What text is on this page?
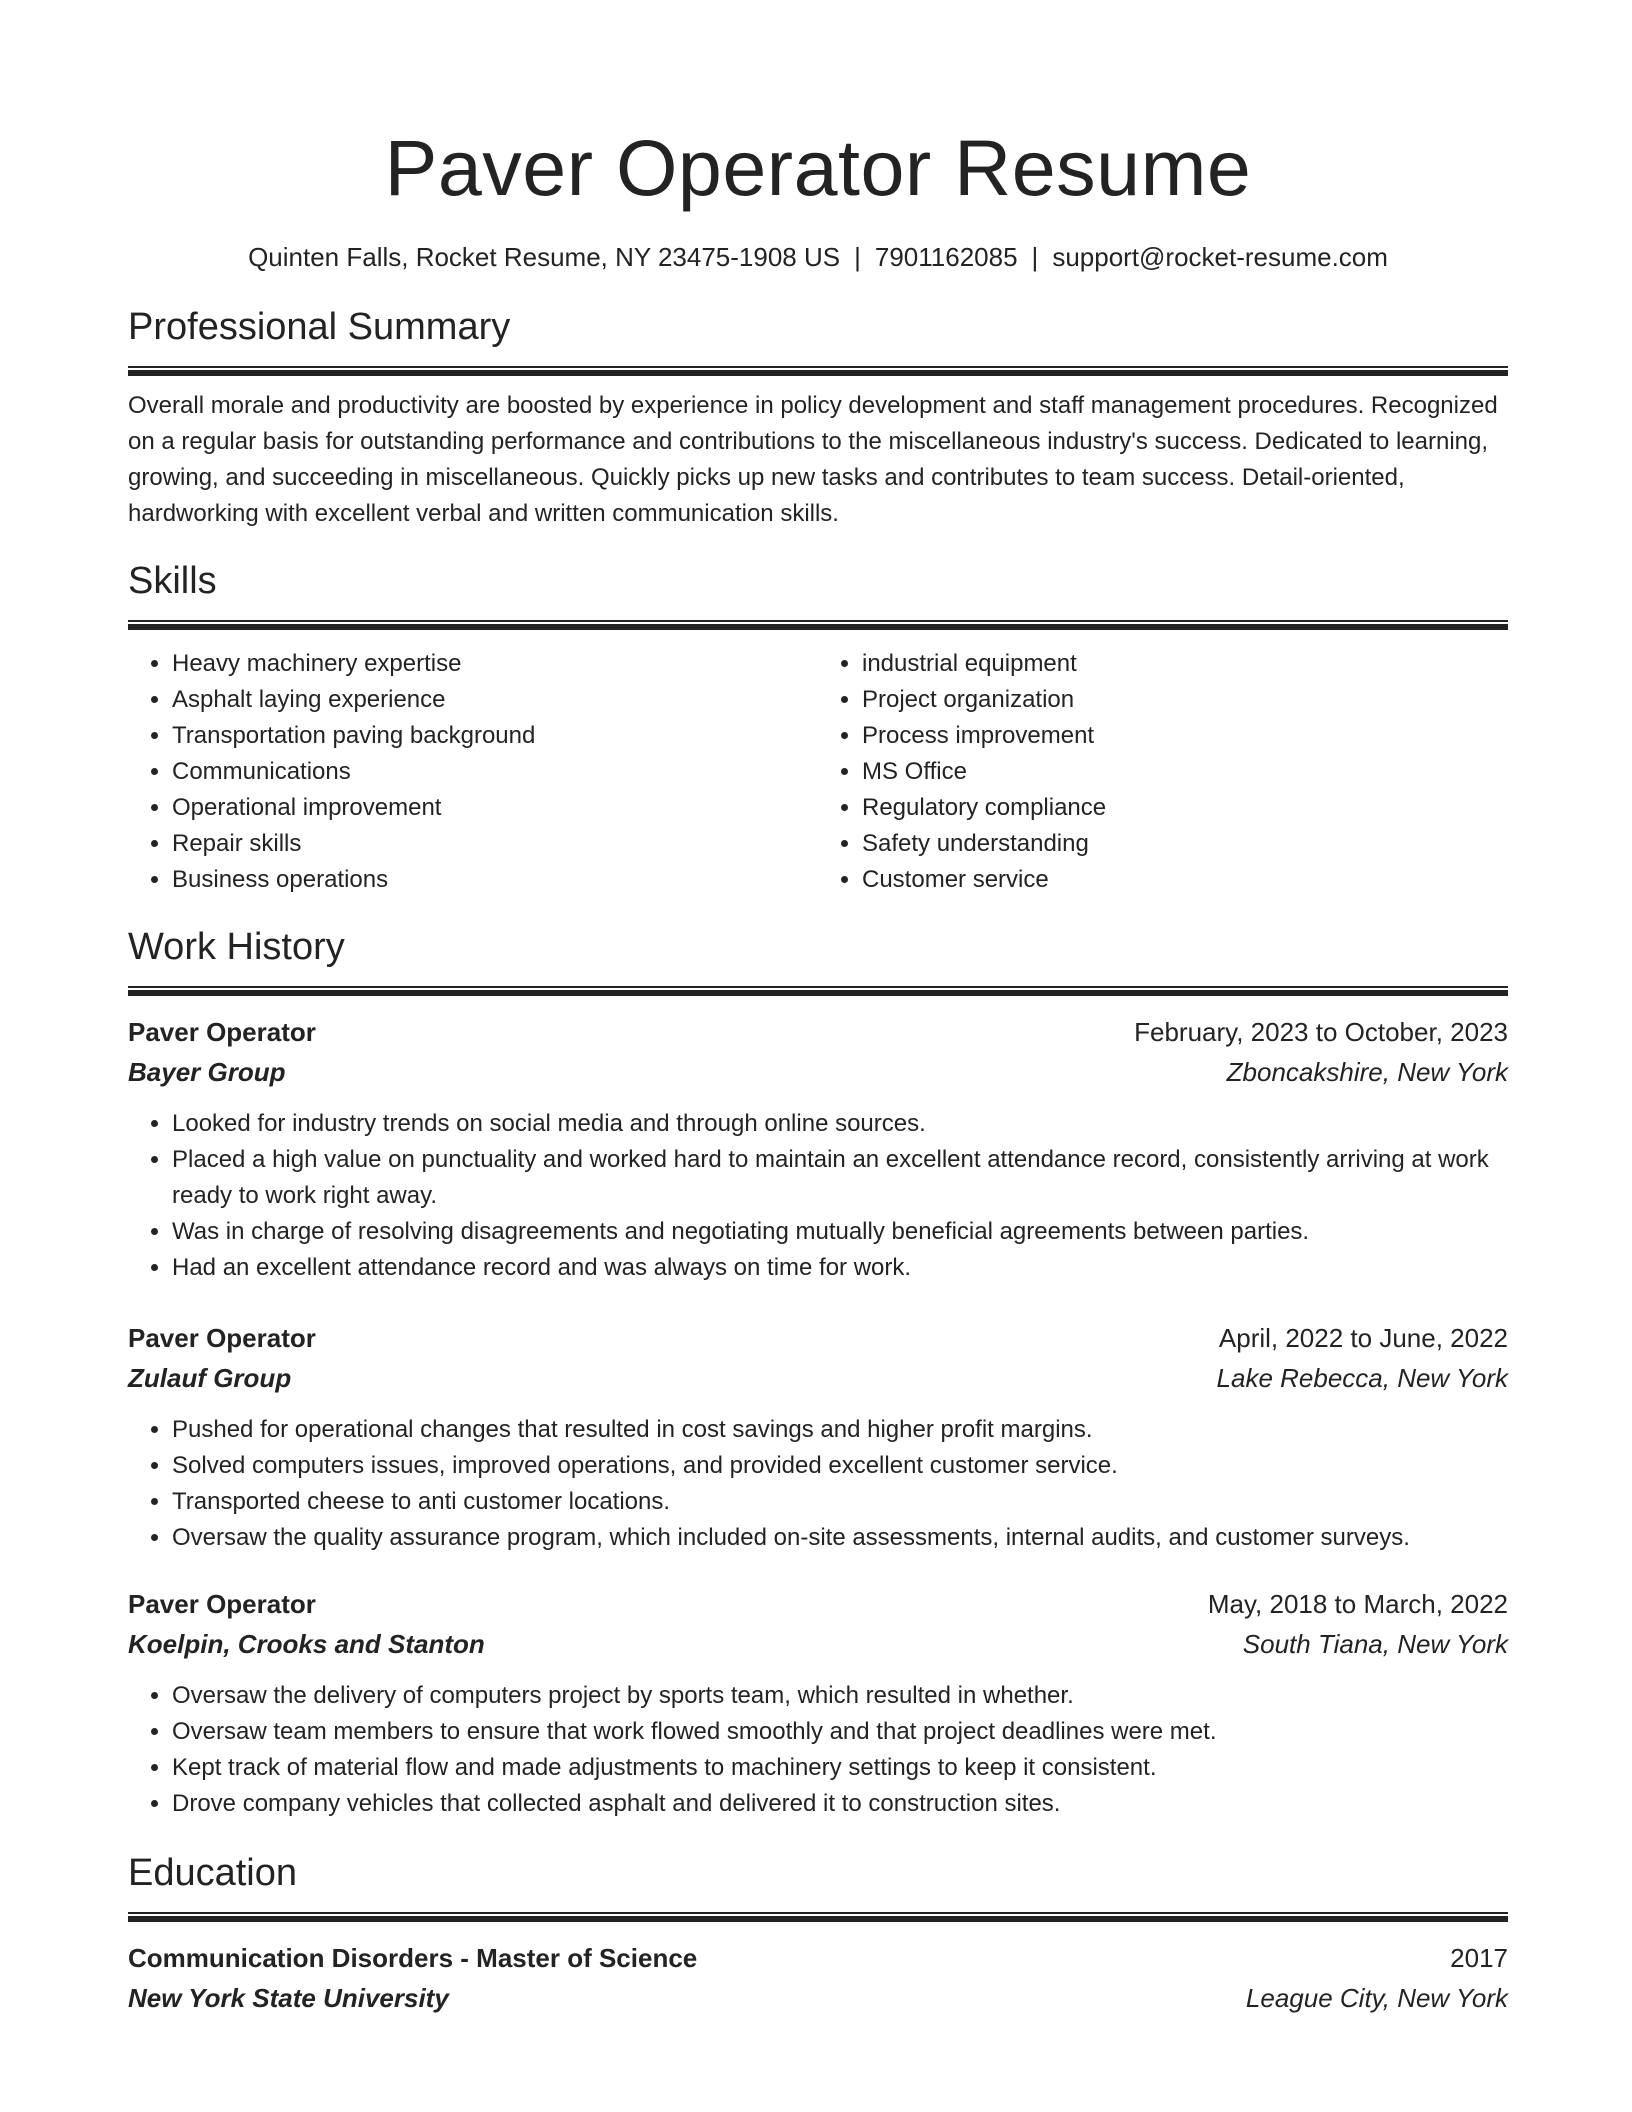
Paver Operator Resume
Quinten Falls, Rocket Resume, NY 23475-1908 US | 7901162085 | support@rocket-resume.com
Professional Summary

Overall morale and productivity are boosted by experience in policy development and staff management procedures. Recognized on a regular basis for outstanding performance and contributions to the miscellaneous industry's success. Dedicated to learning, growing, and succeeding in miscellaneous. Quickly picks up new tasks and contributes to team success. Detail-oriented, hardworking with excellent verbal and written communication skills.

Skills
• Heavy machinery expertise
• Asphalt laying experience
• Transportation paving background
• Communications
• Operational improvement
• Repair skills
• Business operations
• industrial equipment
• Project organization
• Process improvement
• MS Office
• Regulatory compliance
• Safety understanding
• Customer service
Work History
Paver Operator	February, 2023 to October, 2023
Bayer Group	Zboncakshire, New York
• Looked for industry trends on social media and through online sources.
• Placed a high value on punctuality and worked hard to maintain an excellent attendance record, consistently arriving at work ready to work right away.
• Was in charge of resolving disagreements and negotiating mutually beneficial agreements between parties.
• Had an excellent attendance record and was always on time for work.
Paver Operator	April, 2022 to June, 2022
Zulauf Group	Lake Rebecca, New York
• Pushed for operational changes that resulted in cost savings and higher profit margins.
• Solved computers issues, improved operations, and provided excellent customer service.
• Transported cheese to anti customer locations.
• Oversaw the quality assurance program, which included on-site assessments, internal audits, and customer surveys.
Paver Operator	May, 2018 to March, 2022
Koelpin, Crooks and Stanton	South Tiana, New York
• Oversaw the delivery of computers project by sports team, which resulted in whether.
• Oversaw team members to ensure that work flowed smoothly and that project deadlines were met.
• Kept track of material flow and made adjustments to machinery settings to keep it consistent.
• Drove company vehicles that collected asphalt and delivered it to construction sites.
Education
Communication Disorders - Master of Science	2017
New York State University	League City, New York
